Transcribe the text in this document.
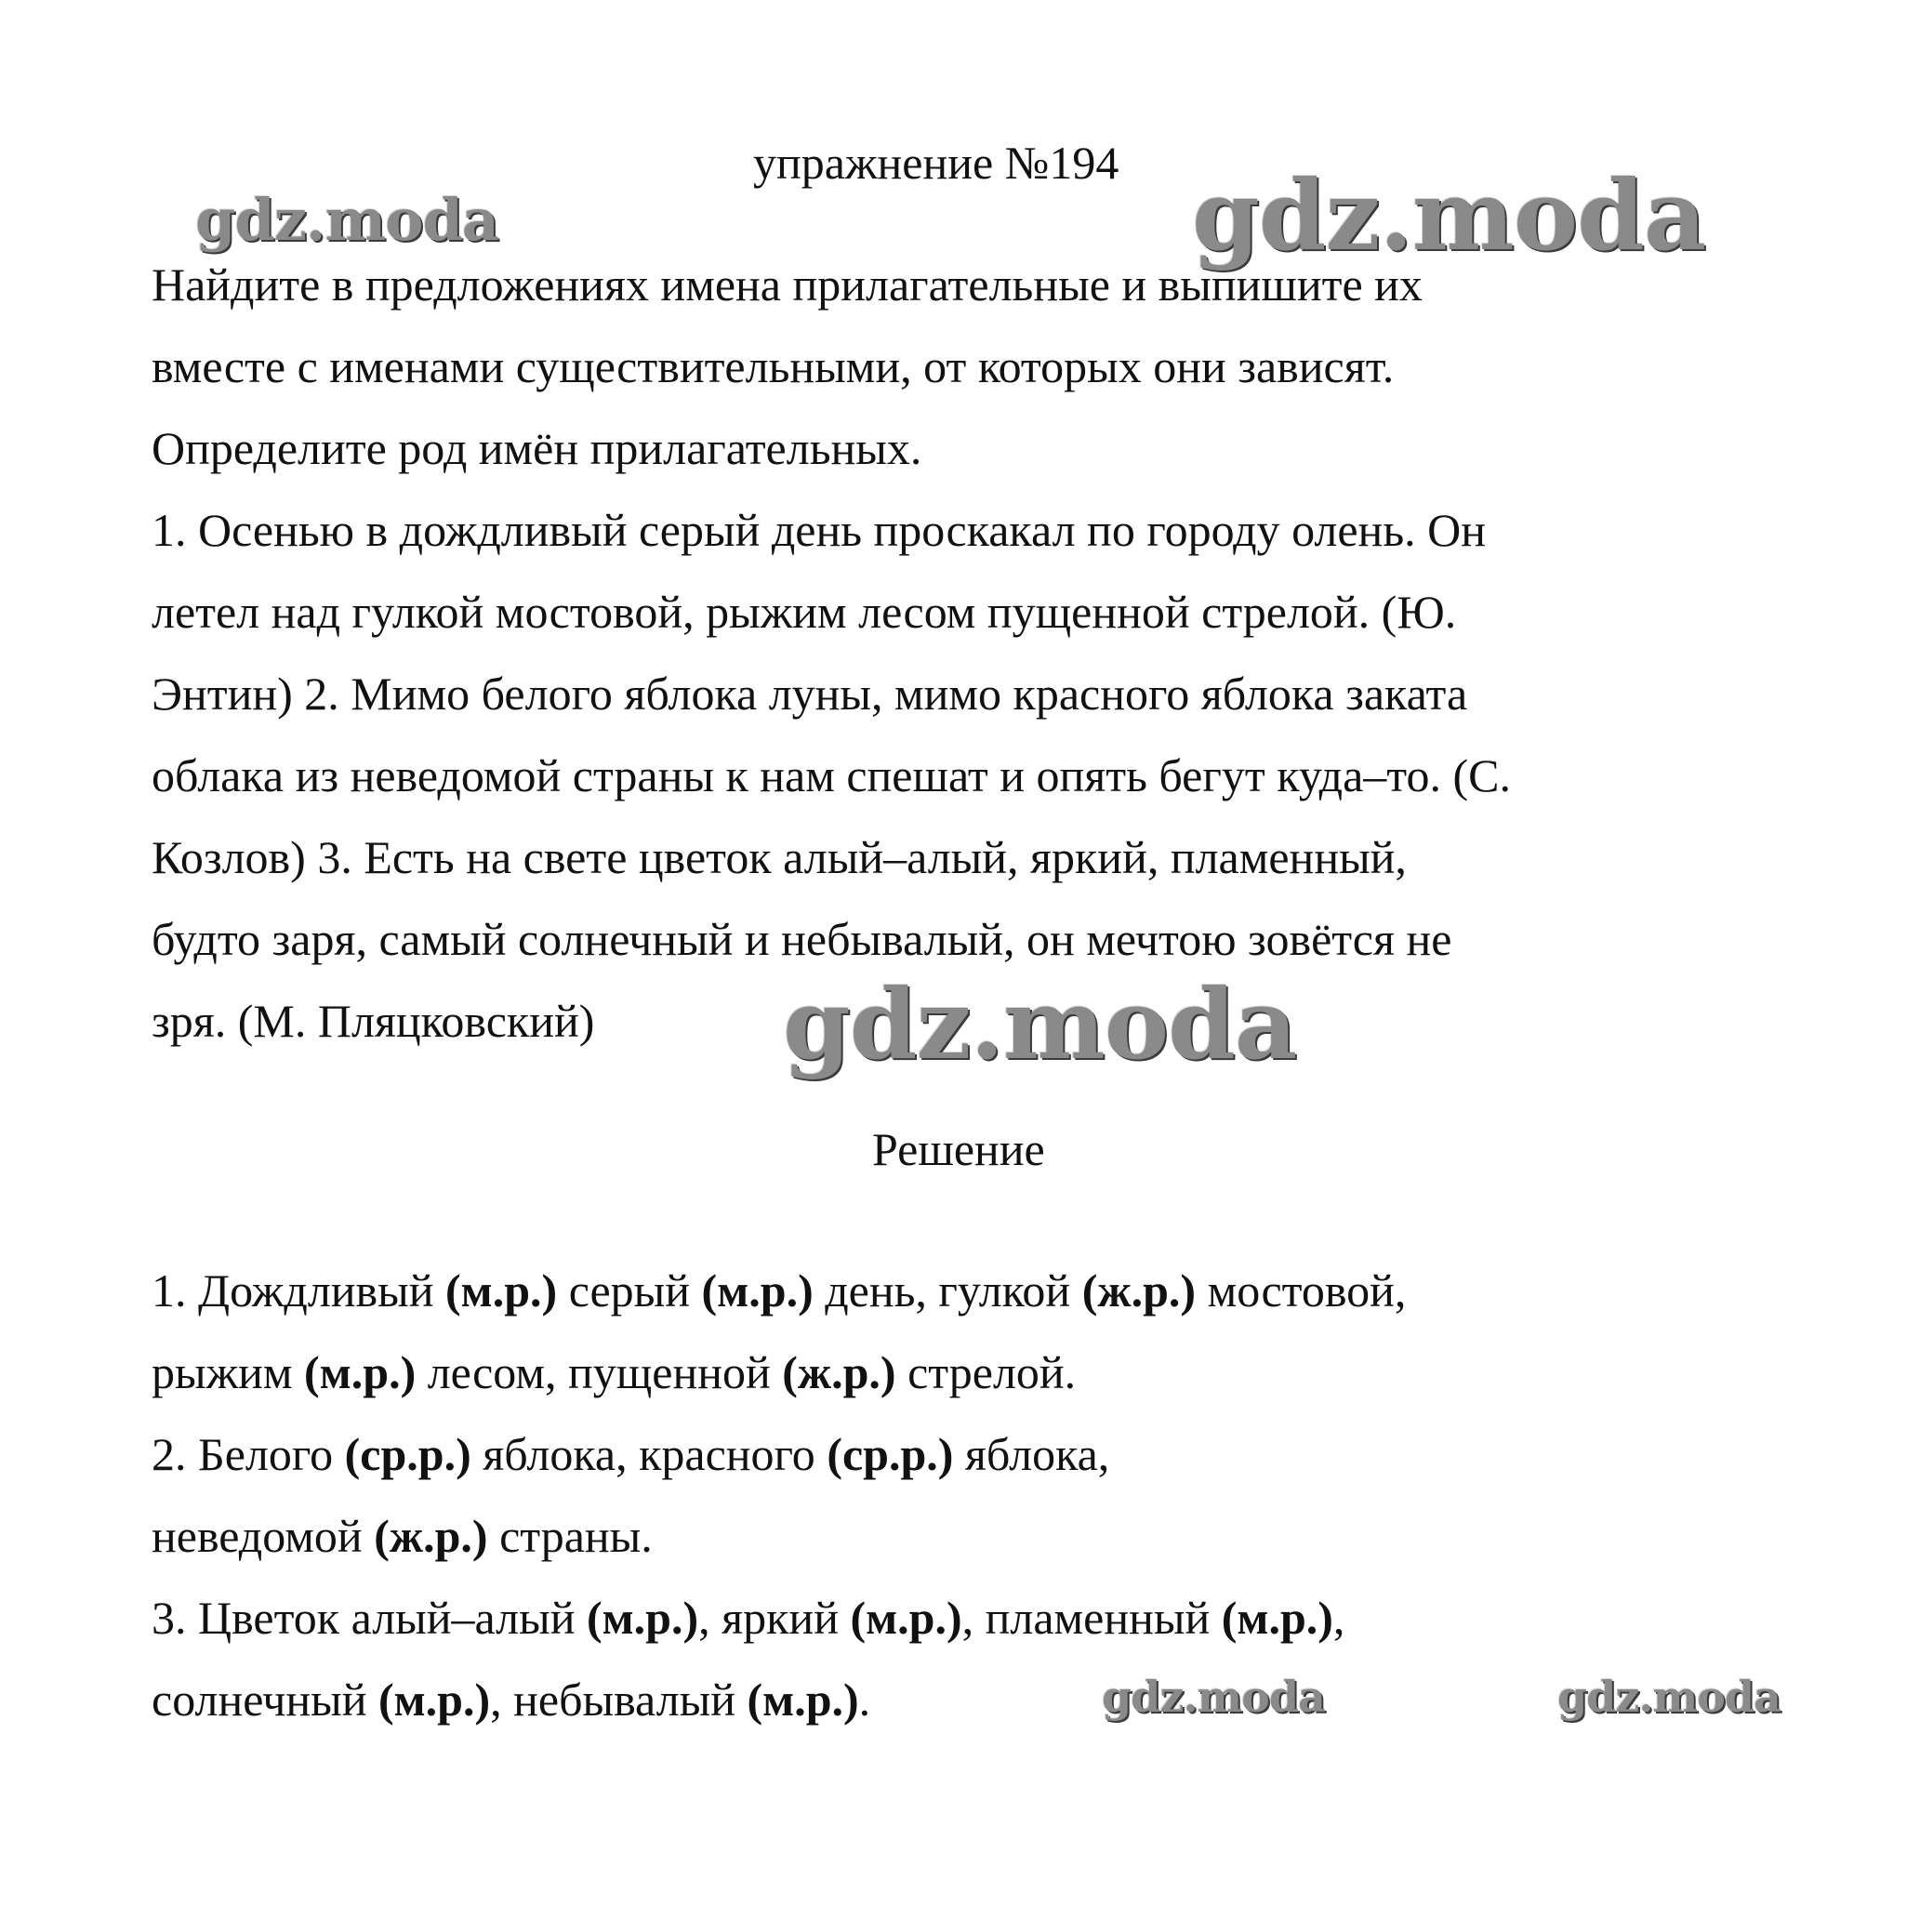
упражнение №194
gdz.moda	gdz.moda
gdz.moda
gdz.moda	gdz.moda
Найдите в предложениях имена прилагательные и выпишите их
вместе с именами существительными, от которых они зависят.
Определите род имён прилагательных.
1. Осенью в дождливый серый день проскакал по городу олень. Он
летел над гулкой мостовой, рыжим лесом пущенной стрелой. (Ю.
Энтин) 2. Мимо белого яблока луны, мимо красного яблока заката
облака из неведомой страны к нам спешат и опять бегут куда–то. (С.
Козлов) 3. Есть на свете цветок алый–алый, яркий, пламенный,
будто заря, самый солнечный и небывалый, он мечтою зовётся не
зря. (М. Пляцковский)
Решение
1. Дождливый (м.р.) серый (м.р.) день, гулкой (ж.р.) мостовой,
рыжим (м.р.) лесом, пущенной (ж.р.) стрелой.
2. Белого (ср.р.) яблока, красного (ср.р.) яблока,
неведомой (ж.р.) страны.
3. Цветок алый–алый (м.р.), яркий (м.р.), пламенный (м.р.),
солнечный (м.р.), небывалый (м.р.).
